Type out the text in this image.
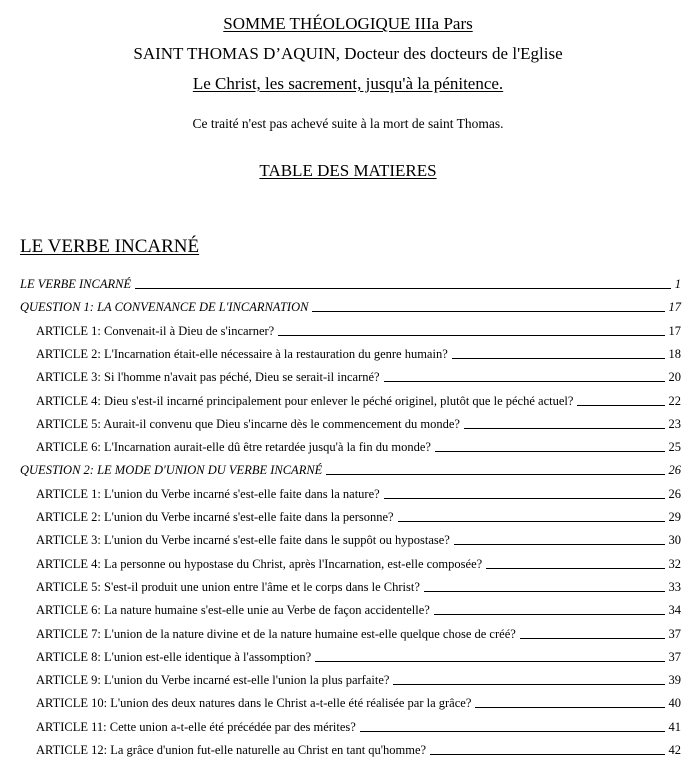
SOMME THÉOLOGIQUE IIIa Pars
SAINT THOMAS D’AQUIN, Docteur des docteurs de l'Eglise
Le Christ, les sacrement, jusqu'à la pénitence.
Ce traité n'est pas achevé suite à la mort de saint Thomas.
TABLE DES MATIERES
LE VERBE INCARNÉ
LE VERBE INCARNÉ	1
QUESTION 1: LA CONVENANCE DE L'INCARNATION	17
ARTICLE 1: Convenait-il à Dieu de s'incarner?	17
ARTICLE 2: L'Incarnation était-elle nécessaire à la restauration du genre humain?	18
ARTICLE 3: Si l'homme n'avait pas péché, Dieu se serait-il incarné?	20
ARTICLE 4: Dieu s'est-il incarné principalement pour enlever le péché originel, plutôt que le péché actuel?	22
ARTICLE 5: Aurait-il convenu que Dieu s'incarne dès le commencement du monde?	23
ARTICLE 6: L'Incarnation aurait-elle dû être retardée jusqu'à la fin du monde?	25
QUESTION 2: LE MODE D'UNION DU VERBE INCARNÉ	26
ARTICLE 1: L'union du Verbe incarné s'est-elle faite dans la nature?	26
ARTICLE 2: L'union du Verbe incarné s'est-elle faite dans la personne?	29
ARTICLE 3: L'union du Verbe incarné s'est-elle faite dans le suppôt ou hypostase?	30
ARTICLE 4: La personne ou hypostase du Christ, après l'Incarnation, est-elle composée?	32
ARTICLE 5: S'est-il produit une union entre l'âme et le corps dans le Christ?	33
ARTICLE 6: La nature humaine s'est-elle unie au Verbe de façon accidentelle?	34
ARTICLE 7: L'union de la nature divine et de la nature humaine est-elle quelque chose de créé?	37
ARTICLE 8: L'union est-elle identique à l'assomption?	37
ARTICLE 9: L'union du Verbe incarné est-elle l'union la plus parfaite?	39
ARTICLE 10: L'union des deux natures dans le Christ a-t-elle été réalisée par la grâce?	40
ARTICLE 11: Cette union a-t-elle été précédée par des mérites?	41
ARTICLE 12: La grâce d'union fut-elle naturelle au Christ en tant qu'homme?	42
